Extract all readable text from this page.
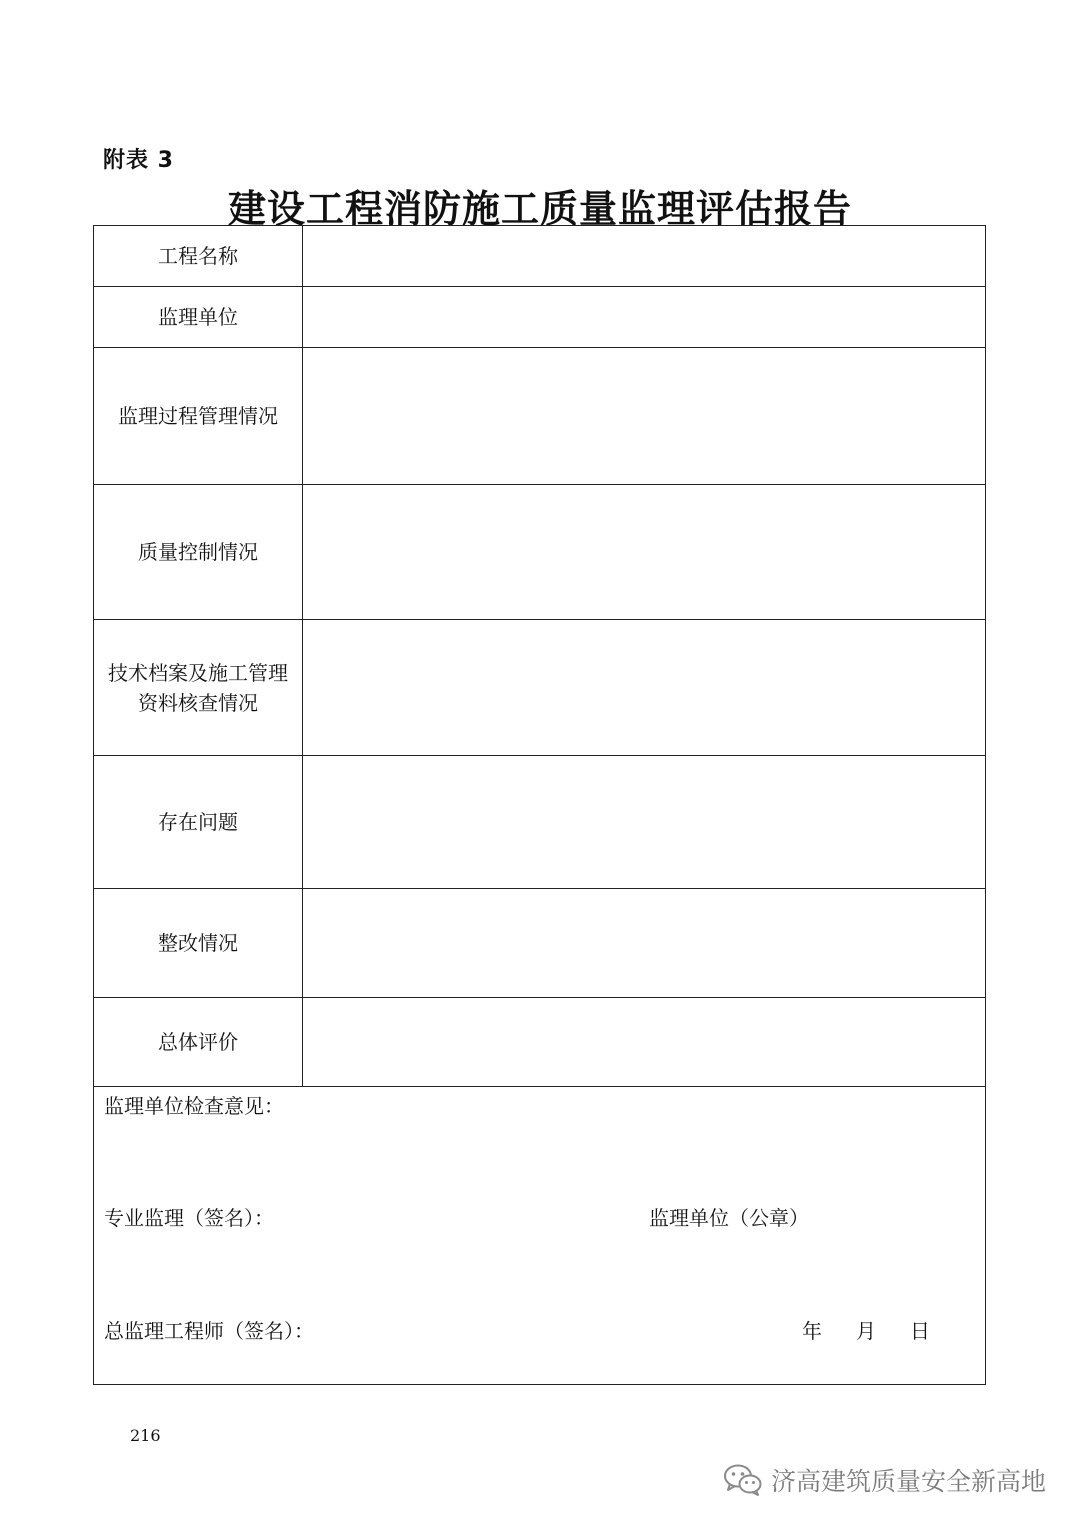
附表 3
建设工程消防施工质量监理评估报告
工程名称
监理单位
监理过程管理情况
质量控制情况
技术档案及施工管理资料核查情况
存在问题
整改情况
总体评价
监理单位检查意见：
专业监理（签名）：	监理单位（公章）
总监理工程师（签名）：	年 月 日
216
济高建筑质量安全新高地
